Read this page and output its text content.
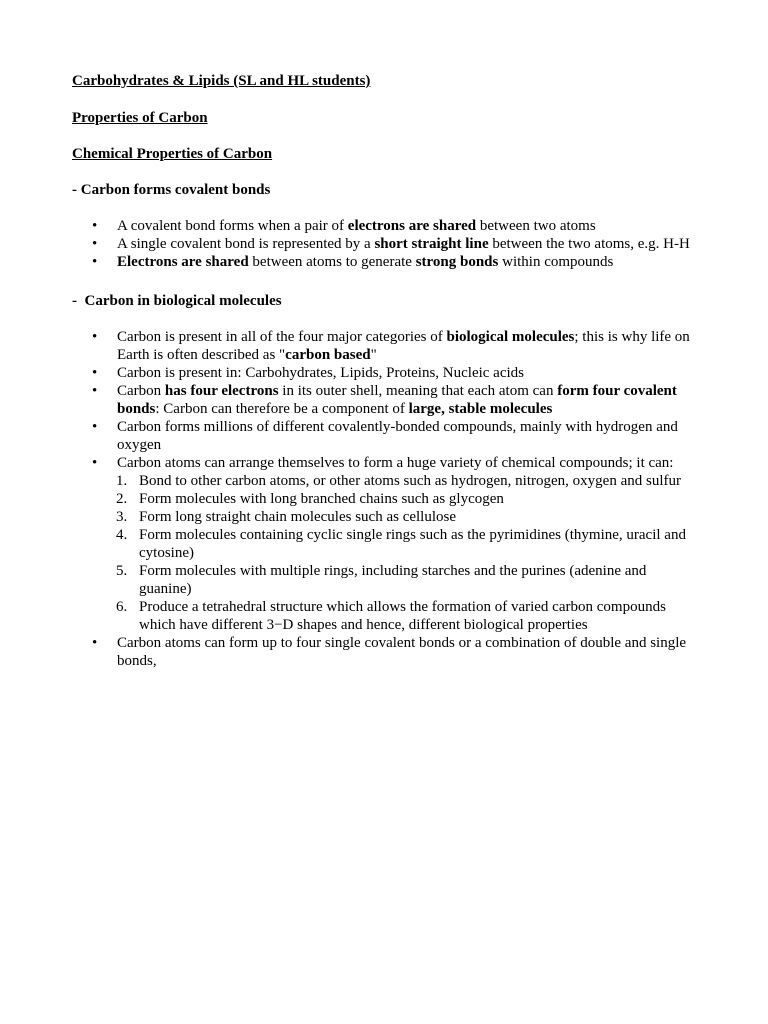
Carbohydrates & Lipids (SL and HL students)
Properties of Carbon
Chemical Properties of Carbon
- Carbon forms covalent bonds
• A covalent bond forms when a pair of electrons are shared between two atoms
• A single covalent bond is represented by a short straight line between the two atoms, e.g. H-H
• Electrons are shared between atoms to generate strong bonds within compounds
-  Carbon in biological molecules
• Carbon is present in all of the four major categories of biological molecules; this is why life on Earth is often described as "carbon based"
• Carbon is present in: Carbohydrates, Lipids, Proteins, Nucleic acids
• Carbon has four electrons in its outer shell, meaning that each atom can form four covalent bonds: Carbon can therefore be a component of large, stable molecules
• Carbon forms millions of different covalently-bonded compounds, mainly with hydrogen and oxygen
• Carbon atoms can arrange themselves to form a huge variety of chemical compounds; it can:
1. Bond to other carbon atoms, or other atoms such as hydrogen, nitrogen, oxygen and sulfur
2. Form molecules with long branched chains such as glycogen
3. Form long straight chain molecules such as cellulose
4. Form molecules containing cyclic single rings such as the pyrimidines (thymine, uracil and cytosine)
5. Form molecules with multiple rings, including starches and the purines (adenine and guanine)
6. Produce a tetrahedral structure which allows the formation of varied carbon compounds which have different 3−D shapes and hence, different biological properties
• Carbon atoms can form up to four single covalent bonds or a combination of double and single bonds,
